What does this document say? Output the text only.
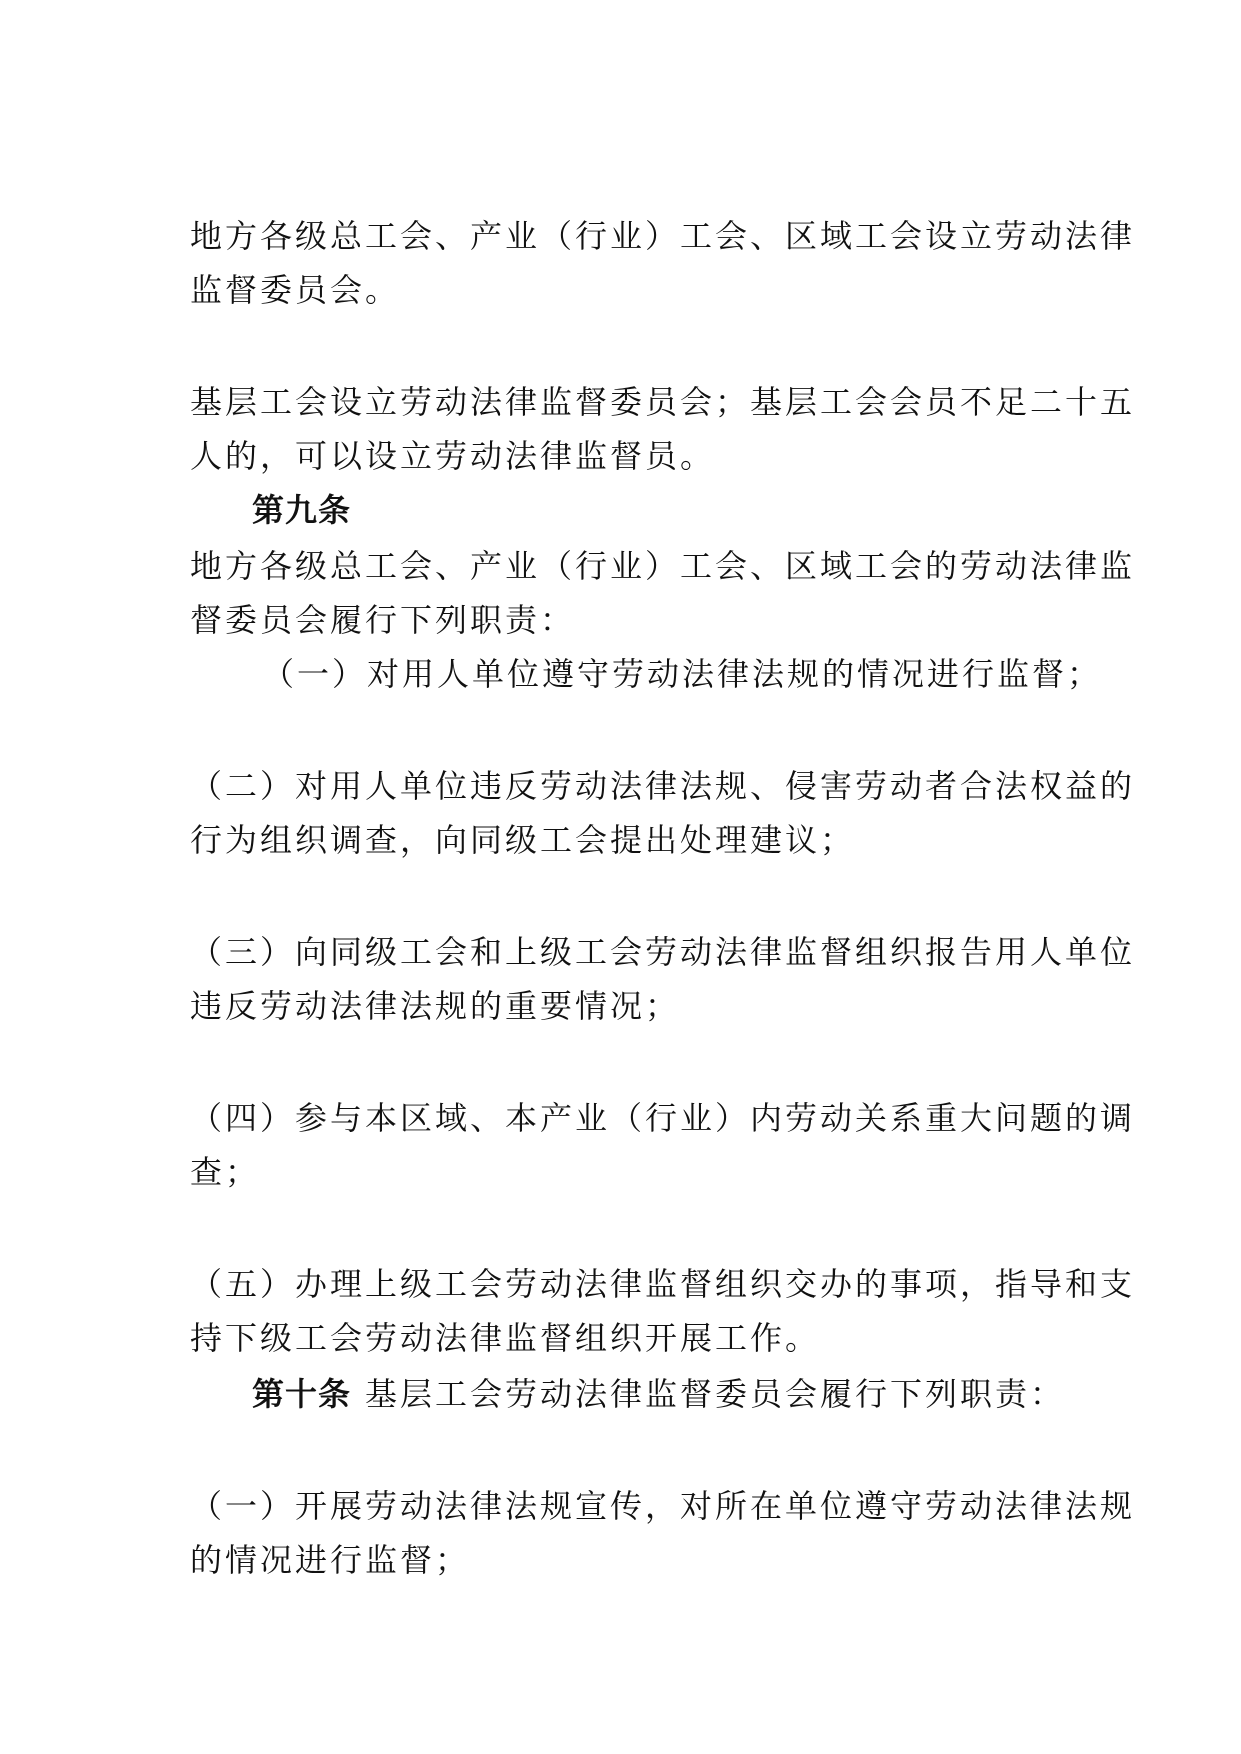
地方各级总工会、产业（行业）工会、区域工会设立劳动法律

监督委员会。

基层工会设立劳动法律监督委员会；基层工会会员不足二十五

人的，可以设立劳动法律监督员。

第九条

地方各级总工会、产业（行业）工会、区域工会的劳动法律监

督委员会履行下列职责：

（一）对用人单位遵守劳动法律法规的情况进行监督；

（二）对用人单位违反劳动法律法规、侵害劳动者合法权益的

行为组织调查，向同级工会提出处理建议；

（三）向同级工会和上级工会劳动法律监督组织报告用人单位

违反劳动法律法规的重要情况；

（四）参与本区域、本产业（行业）内劳动关系重大问题的调

查；

（五）办理上级工会劳动法律监督组织交办的事项，指导和支

持下级工会劳动法律监督组织开展工作。

第十条 基层工会劳动法律监督委员会履行下列职责：

（一）开展劳动法律法规宣传，对所在单位遵守劳动法律法规

的情况进行监督；
